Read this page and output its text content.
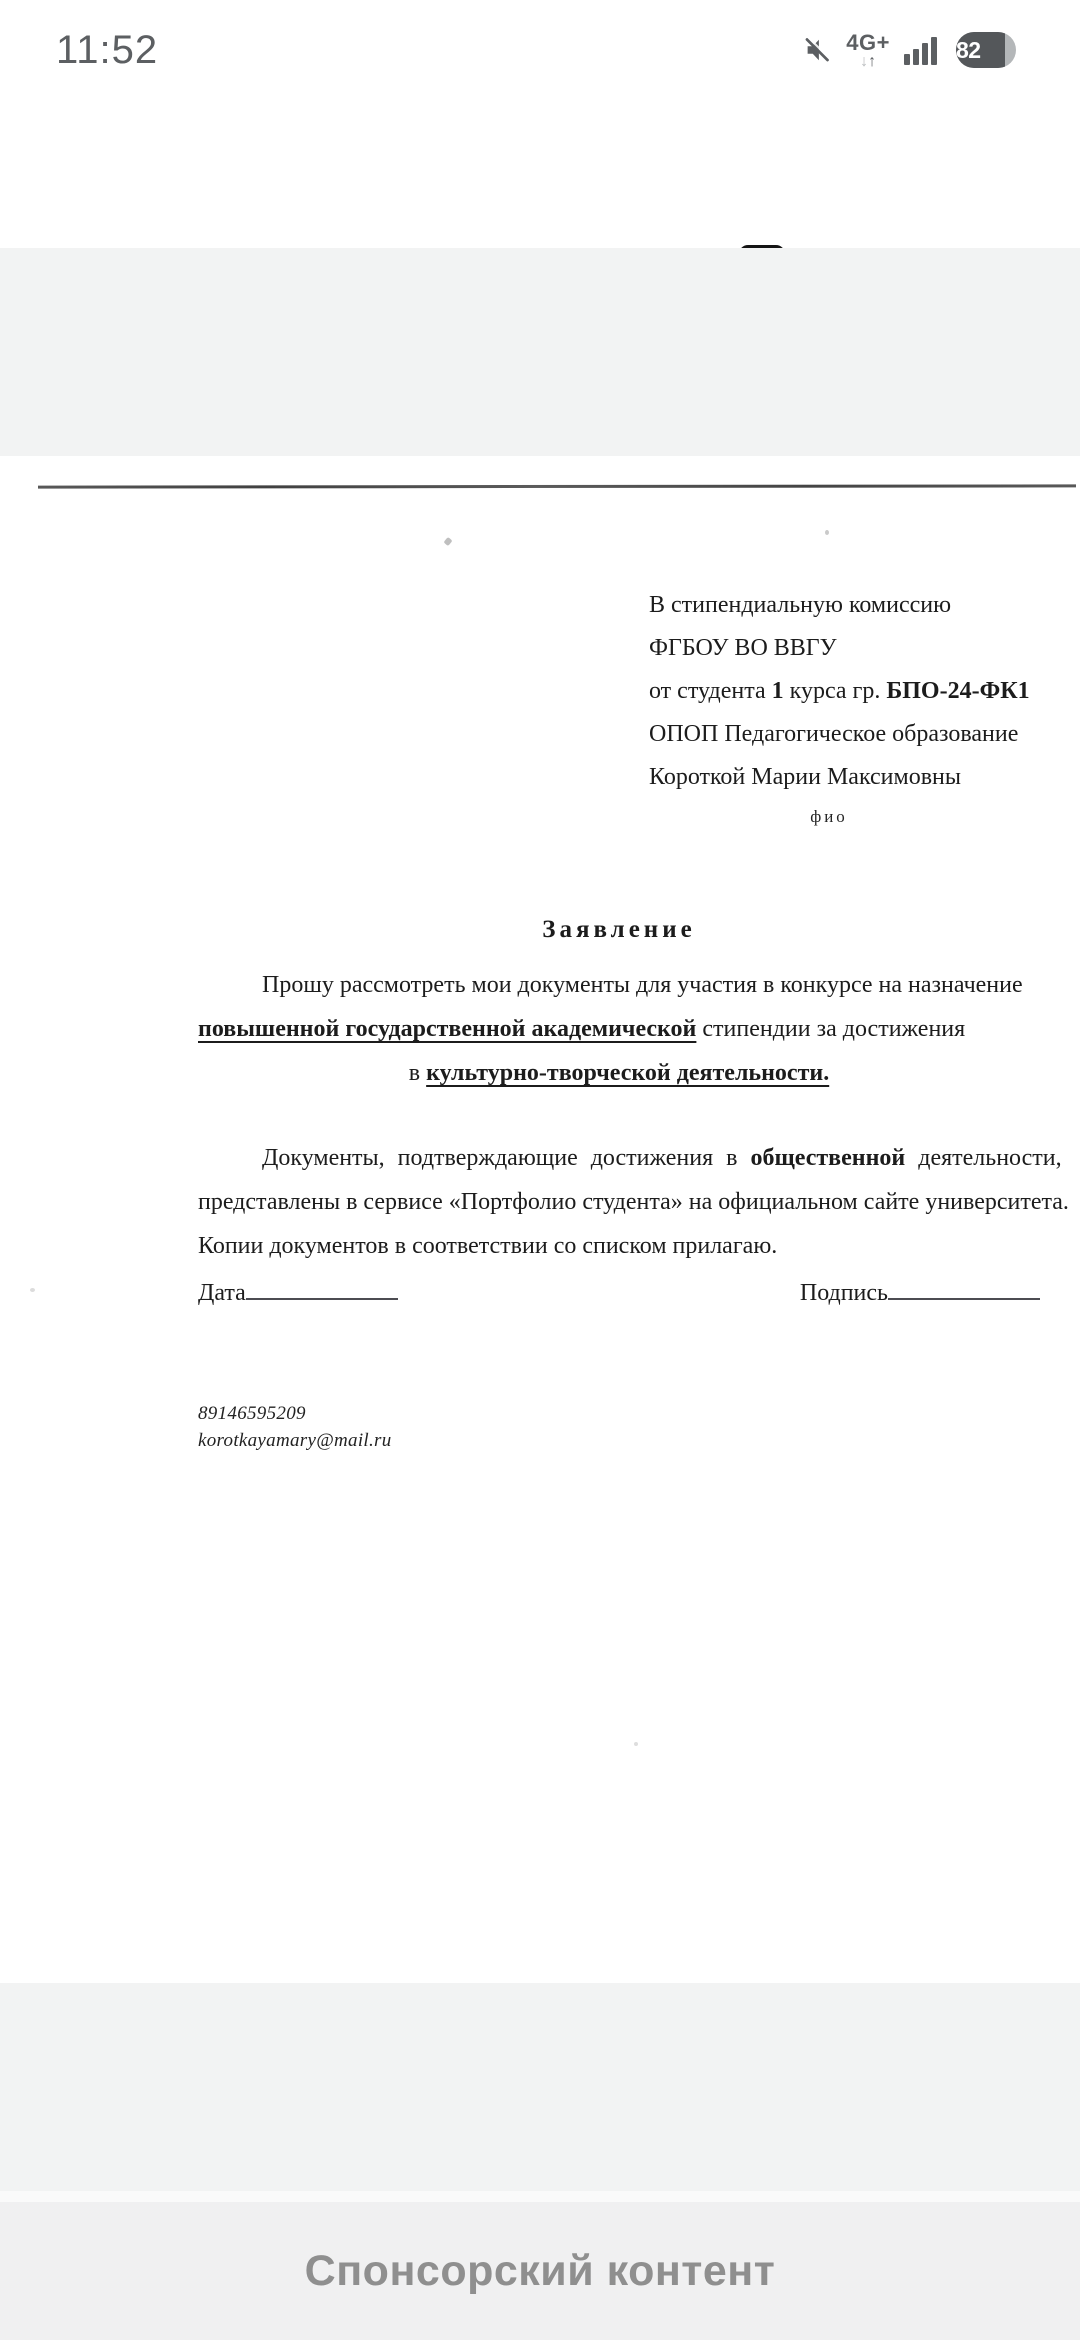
11:52	4G+
↓↑	82
В стипендиальную комиссию
ФГБОУ ВО ВВГУ
от студента 1 курса гр. БПО-24-ФК1
ОПОП Педагогическое образование
Короткой Марии Максимовны
фио
Заявление
Прошу рассмотреть мои документы для участия в конкурсе на назначение
повышенной государственной академической стипендии за достижения
в культурно-творческой деятельности.
Документы, подтверждающие достижения в общественной деятельности,
представлены в сервисе «Портфолио студента» на официальном сайте университета.
Копии документов в соответствии со списком прилагаю.
Дата	Подпись
89146595209
korotkayamary@mail.ru
Спонсорский контент
